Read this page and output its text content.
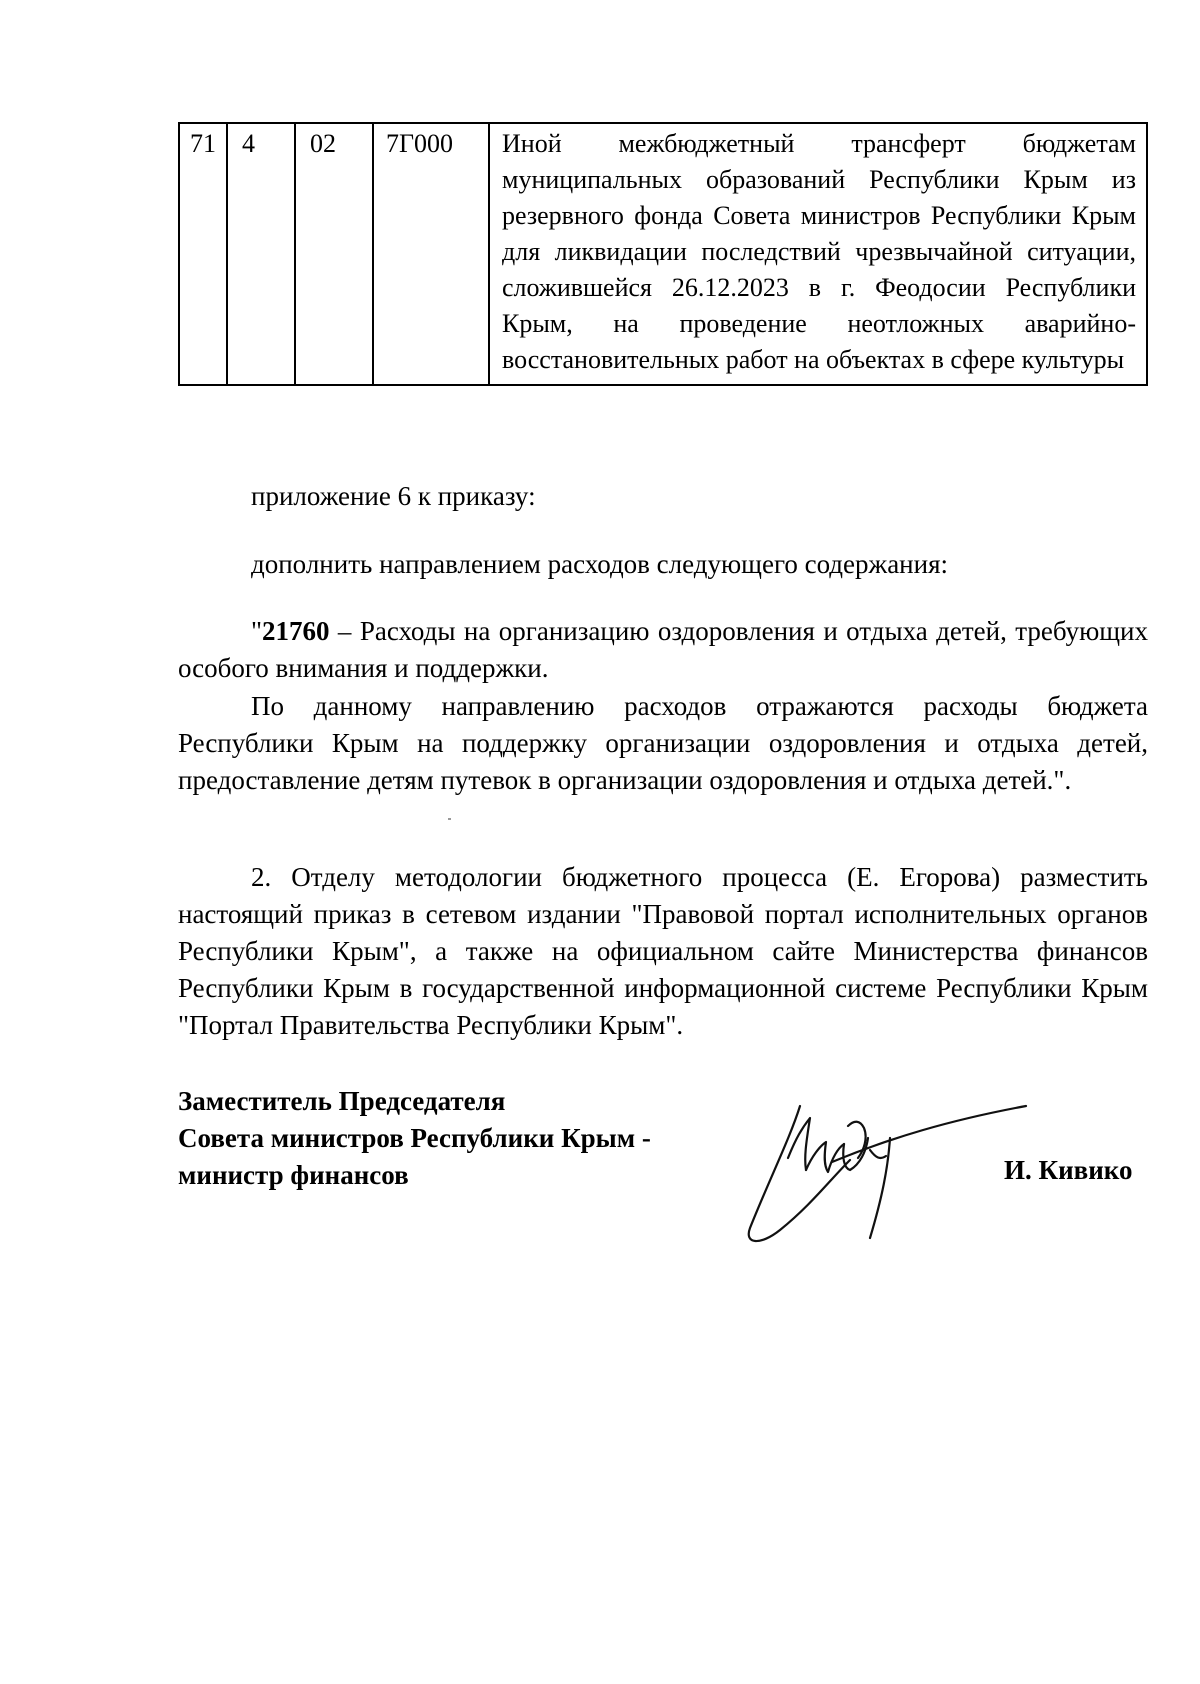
71	4	02	7Г000	Иной межбюджетный трансферт бюджетам муниципальных образований Республики Крым из резервного фонда Совета министров Республики Крым для ликвидации последствий чрезвычайной ситуации, сложившейся 26.12.2023 в г. Феодосии Республики Крым, на проведение неотложных аварийно-восстановительных работ на объектах в сфере культуры

приложение 6 к приказу:

дополнить направлением расходов следующего содержания:

"21760 – Расходы на организацию оздоровления и отдыха детей, требующих особого внимания и поддержки.

По данному направлению расходов отражаются расходы бюджета Республики Крым на поддержку организации оздоровления и отдыха детей, предоставление детям путевок в организации оздоровления и отдыха детей.".

2. Отделу методологии бюджетного процесса (Е. Егорова) разместить настоящий приказ в сетевом издании "Правовой портал исполнительных органов Республики Крым", а также на официальном сайте Министерства финансов Республики Крым в государственной информационной системе Республики Крым "Портал Правительства Республики Крым".

Заместитель Председателя
Совета министров Республики Крым -
министр финансов	И. Кивико
